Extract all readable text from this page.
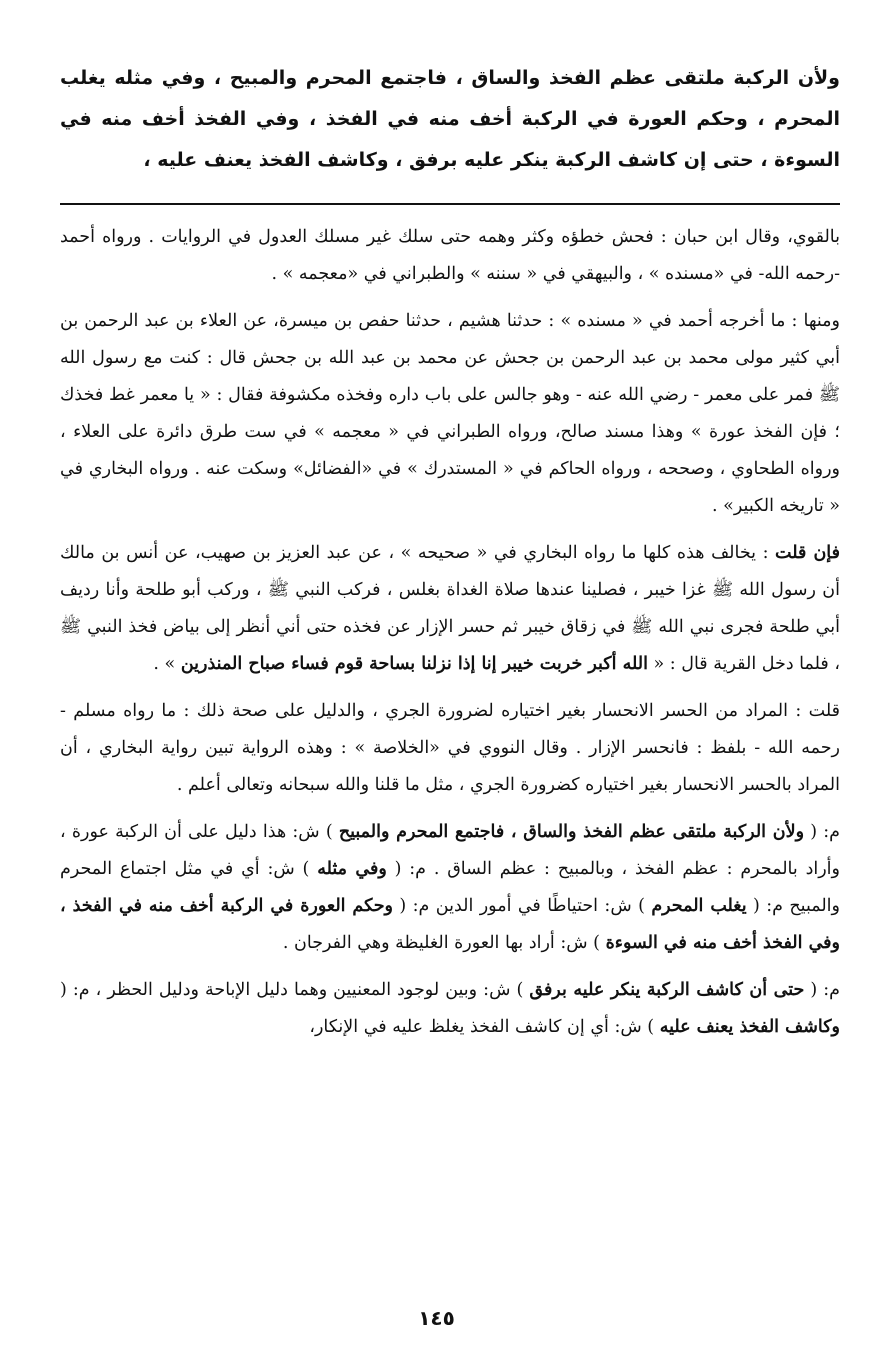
ولأن الركبة ملتقى عظم الفخذ والساق ، فاجتمع المحرم والمبيح ، وفي مثله يغلب المحرم ، وحكم العورة في الركبة أخف منه في الفخذ ، وفي الفخذ أخف منه في السوءة ، حتى إن كاشف الركبة ينكر عليه برفق ، وكاشف الفخذ يعنف عليه ،

بالقوي، وقال ابن حبان : فحش خطؤه وكثر وهمه حتى سلك غير مسلك العدول في الروايات . ورواه أحمد -رحمه الله- في «مسنده » ، والبيهقي في « سننه » والطبراني في «معجمه » .

ومنها : ما أخرجه أحمد في « مسنده » : حدثنا هشيم ، حدثنا حفص بن ميسرة، عن العلاء بن عبد الرحمن بن أبي كثير مولى محمد بن عبد الرحمن بن جحش عن محمد بن عبد الله بن جحش قال : كنت مع رسول الله ﷺ فمر على معمر - رضي الله عنه - وهو جالس على باب داره وفخذه مكشوفة فقال : « يا معمر غط فخذك ؛ فإن الفخذ عورة » وهذا مسند صالح، ورواه الطبراني في « معجمه » في ست طرق دائرة على العلاء ، ورواه الطحاوي ، وصححه ، ورواه الحاكم في « المستدرك » في «الفضائل» وسكت عنه . ورواه البخاري في « تاريخه الكبير» .

فإن قلت : يخالف هذه كلها ما رواه البخاري في « صحيحه » ، عن عبد العزيز بن صهيب، عن أنس بن مالك أن رسول الله ﷺ غزا خيبر ، فصلينا عندها صلاة الغداة بغلس ، فركب النبي ﷺ ، وركب أبو طلحة وأنا رديف أبي طلحة فجرى نبي الله ﷺ في زقاق خيبر ثم حسر الإزار عن فخذه حتى أني أنظر إلى بياض فخذ النبي ﷺ ، فلما دخل القرية قال : « الله أكبر خربت خيبر إنا إذا نزلنا بساحة قوم فساء صباح المنذرين » .

قلت : المراد من الحسر الانحسار بغير اختياره لضرورة الجري ، والدليل على صحة ذلك : ما رواه مسلم - رحمه الله - بلفظ : فانحسر الإزار . وقال النووي في «الخلاصة » : وهذه الرواية تبين رواية البخاري ، أن المراد بالحسر الانحسار بغير اختياره كضرورة الجري ، مثل ما قلنا والله سبحانه وتعالى أعلم .

م: ( ولأن الركبة ملتقى عظم الفخذ والساق ، فاجتمع المحرم والمبيح ) ش: هذا دليل على أن الركبة عورة ، وأراد بالمحرم : عظم الفخذ ، وبالمبيح : عظم الساق . م: ( وفي مثله ) ش: أي في مثل اجتماع المحرم والمبيح م: ( يغلب المحرم ) ش: احتياطًا في أمور الدين م: ( وحكم العورة في الركبة أخف منه في الفخذ ، وفي الفخذ أخف منه في السوءة ) ش: أراد بها العورة الغليظة وهي الفرجان .

م: ( حتى أن كاشف الركبة ينكر عليه برفق ) ش: وبين لوجود المعنيين وهما دليل الإباحة ودليل الحظر ، م: ( وكاشف الفخذ يعنف عليه ) ش: أي إن كاشف الفخذ يغلظ عليه في الإنكار،

١٤٥
